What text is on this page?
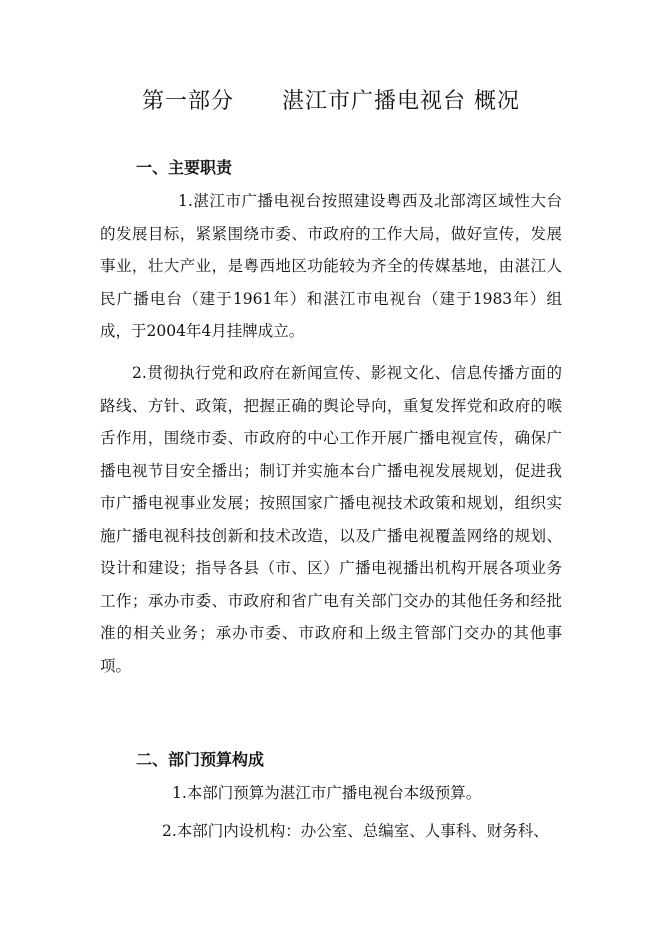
第一部分      湛江市广播电视台 概况
一、主要职责
1.湛江市广播电视台按照建设粤西及北部湾区域性大台的发展目标，紧紧围绕市委、市政府的工作大局，做好宣传，发展事业，壮大产业，是粤西地区功能较为齐全的传媒基地，由湛江人民广播电台（建于1961年）和湛江市电视台（建于1983年）组成，于2004年4月挂牌成立。
2.贯彻执行党和政府在新闻宣传、影视文化、信息传播方面的路线、方针、政策，把握正确的舆论导向，重复发挥党和政府的喉舌作用，围绕市委、市政府的中心工作开展广播电视宣传，确保广播电视节目安全播出；制订并实施本台广播电视发展规划，促进我市广播电视事业发展；按照国家广播电视技术政策和规划，组织实施广播电视科技创新和技术改造，以及广播电视覆盖网络的规划、设计和建设；指导各县（市、区）广播电视播出机构开展各项业务工作；承办市委、市政府和省广电有关部门交办的其他任务和经批准的相关业务；承办市委、市政府和上级主管部门交办的其他事项。
二、部门预算构成
1.本部门预算为湛江市广播电视台本级预算。
2.本部门内设机构：办公室、总编室、人事科、财务科、
